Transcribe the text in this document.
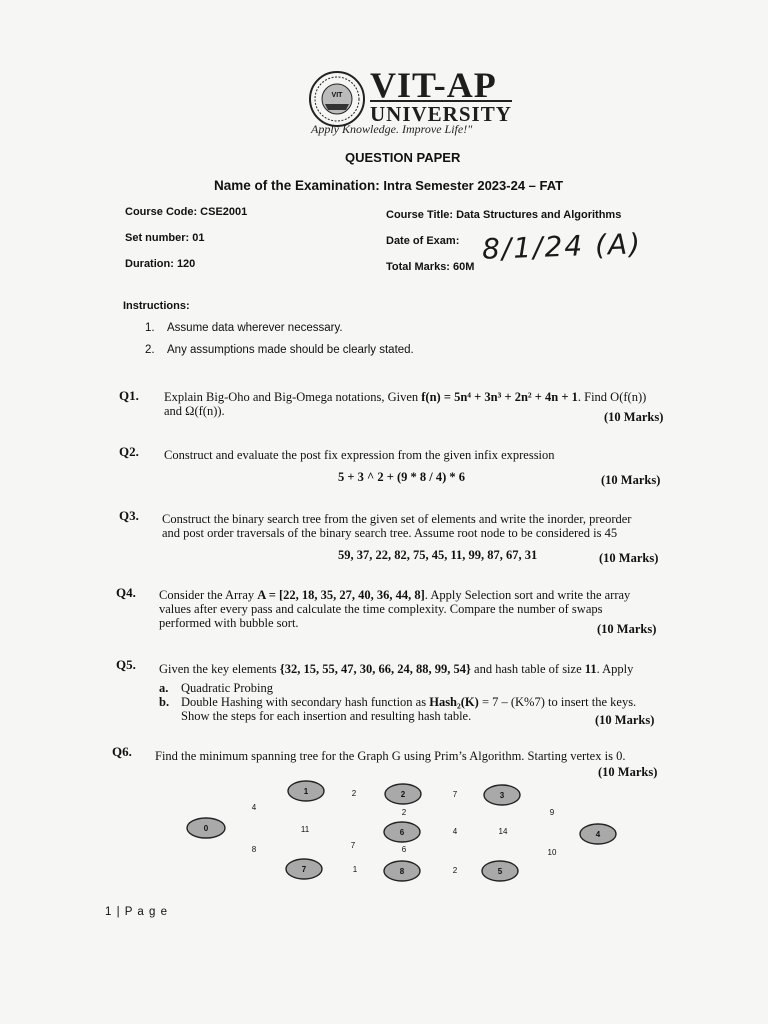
VIT VIT-AP
UNIVERSITY
Apply Knowledge. Improve Life!"
QUESTION PAPER
Name of the Examination: Intra Semester 2023-24 – FAT
Course Code: CSE2001
Set number: 01
Duration: 120
Course Title: Data Structures and Algorithms
Date of Exam: 8/1/24 (A)
Total Marks: 60M
Instructions:
1. Assume data wherever necessary.
2. Any assumptions made should be clearly stated.
Q1. Explain Big-Oho and Big-Omega notations, Given f(n) = 5n⁴ + 3n³ + 2n² + 4n + 1. Find O(f(n))
and Ω(f(n)).	(10 Marks)
Q2. Construct and evaluate the post fix expression from the given infix expression
5 + 3 ^ 2 + (9 * 8 / 4) * 6	(10 Marks)
Q3. Construct the binary search tree from the given set of elements and write the inorder, preorder
and post order traversals of the binary search tree. Assume root node to be considered is 45
59, 37, 22, 82, 75, 45, 11, 99, 87, 67, 31	(10 Marks)
Q4. Consider the Array A = [22, 18, 35, 27, 40, 36, 44, 8]. Apply Selection sort and write the array
values after every pass and calculate the time complexity. Compare the number of swaps
performed with bubble sort.	(10 Marks)
Q5. Given the key elements {32, 15, 55, 47, 30, 66, 24, 88, 99, 54} and hash table of size 11. Apply
a. Quadratic Probing
b. Double Hashing with secondary hash function as Hash₂(K) = 7 – (K%7) to insert the keys.
Show the steps for each insertion and resulting hash table.	(10 Marks)
Q6. Find the minimum spanning tree for the Graph G using Prim’s Algorithm. Starting vertex is 0.
(10 Marks)
1	2	3
0	6	4
7	8	5
4
8
2	7
11
2
4	14
9
10
7	6
1	2
1 | P a g e
